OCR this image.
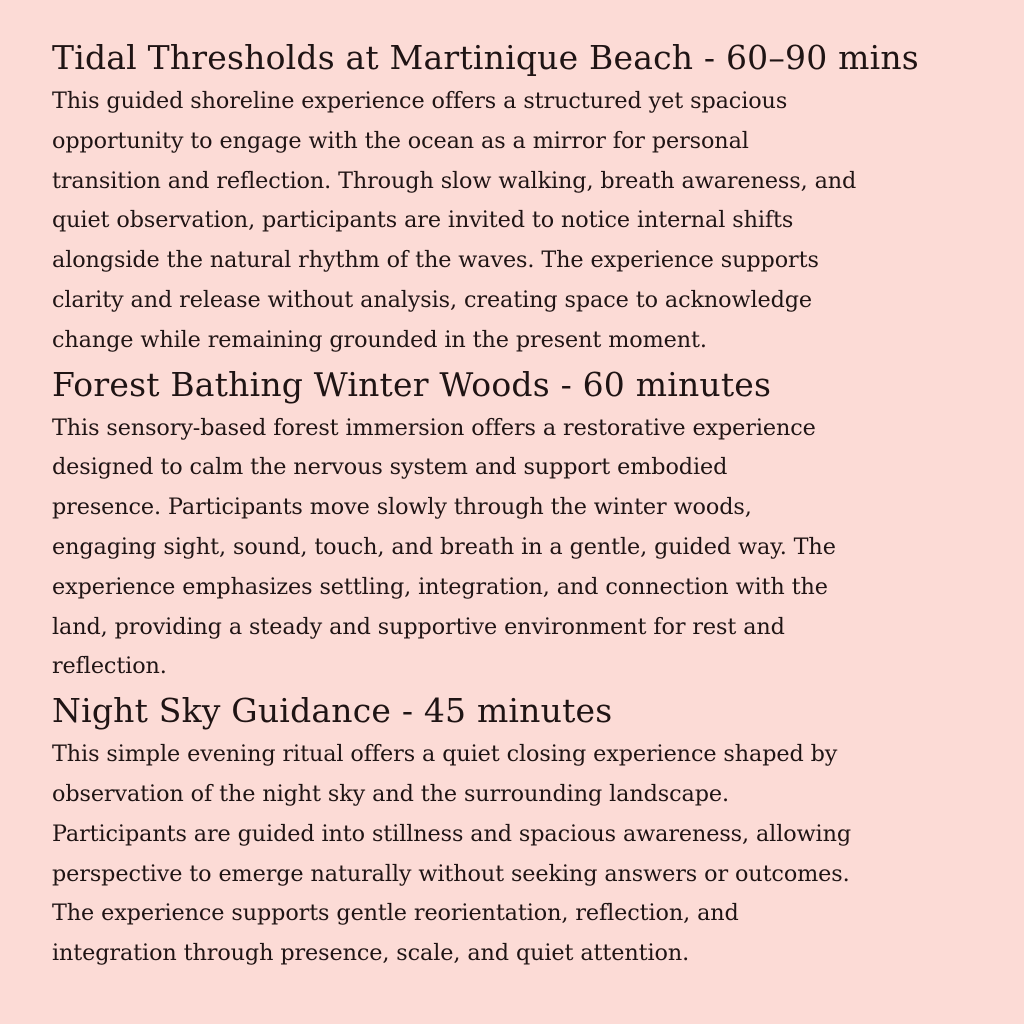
Tidal Thresholds at Martinique Beach - 60–90 mins

This guided shoreline experience offers a structured yet spacious
opportunity to engage with the ocean as a mirror for personal
transition and reflection. Through slow walking, breath awareness, and
quiet observation, participants are invited to notice internal shifts
alongside the natural rhythm of the waves. The experience supports
clarity and release without analysis, creating space to acknowledge
change while remaining grounded in the present moment.

Forest Bathing Winter Woods - 60 minutes

This sensory-based forest immersion offers a restorative experience
designed to calm the nervous system and support embodied
presence. Participants move slowly through the winter woods,
engaging sight, sound, touch, and breath in a gentle, guided way. The
experience emphasizes settling, integration, and connection with the
land, providing a steady and supportive environment for rest and
reflection.

Night Sky Guidance - 45 minutes

This simple evening ritual offers a quiet closing experience shaped by
observation of the night sky and the surrounding landscape.
Participants are guided into stillness and spacious awareness, allowing
perspective to emerge naturally without seeking answers or outcomes.
The experience supports gentle reorientation, reflection, and
integration through presence, scale, and quiet attention.
